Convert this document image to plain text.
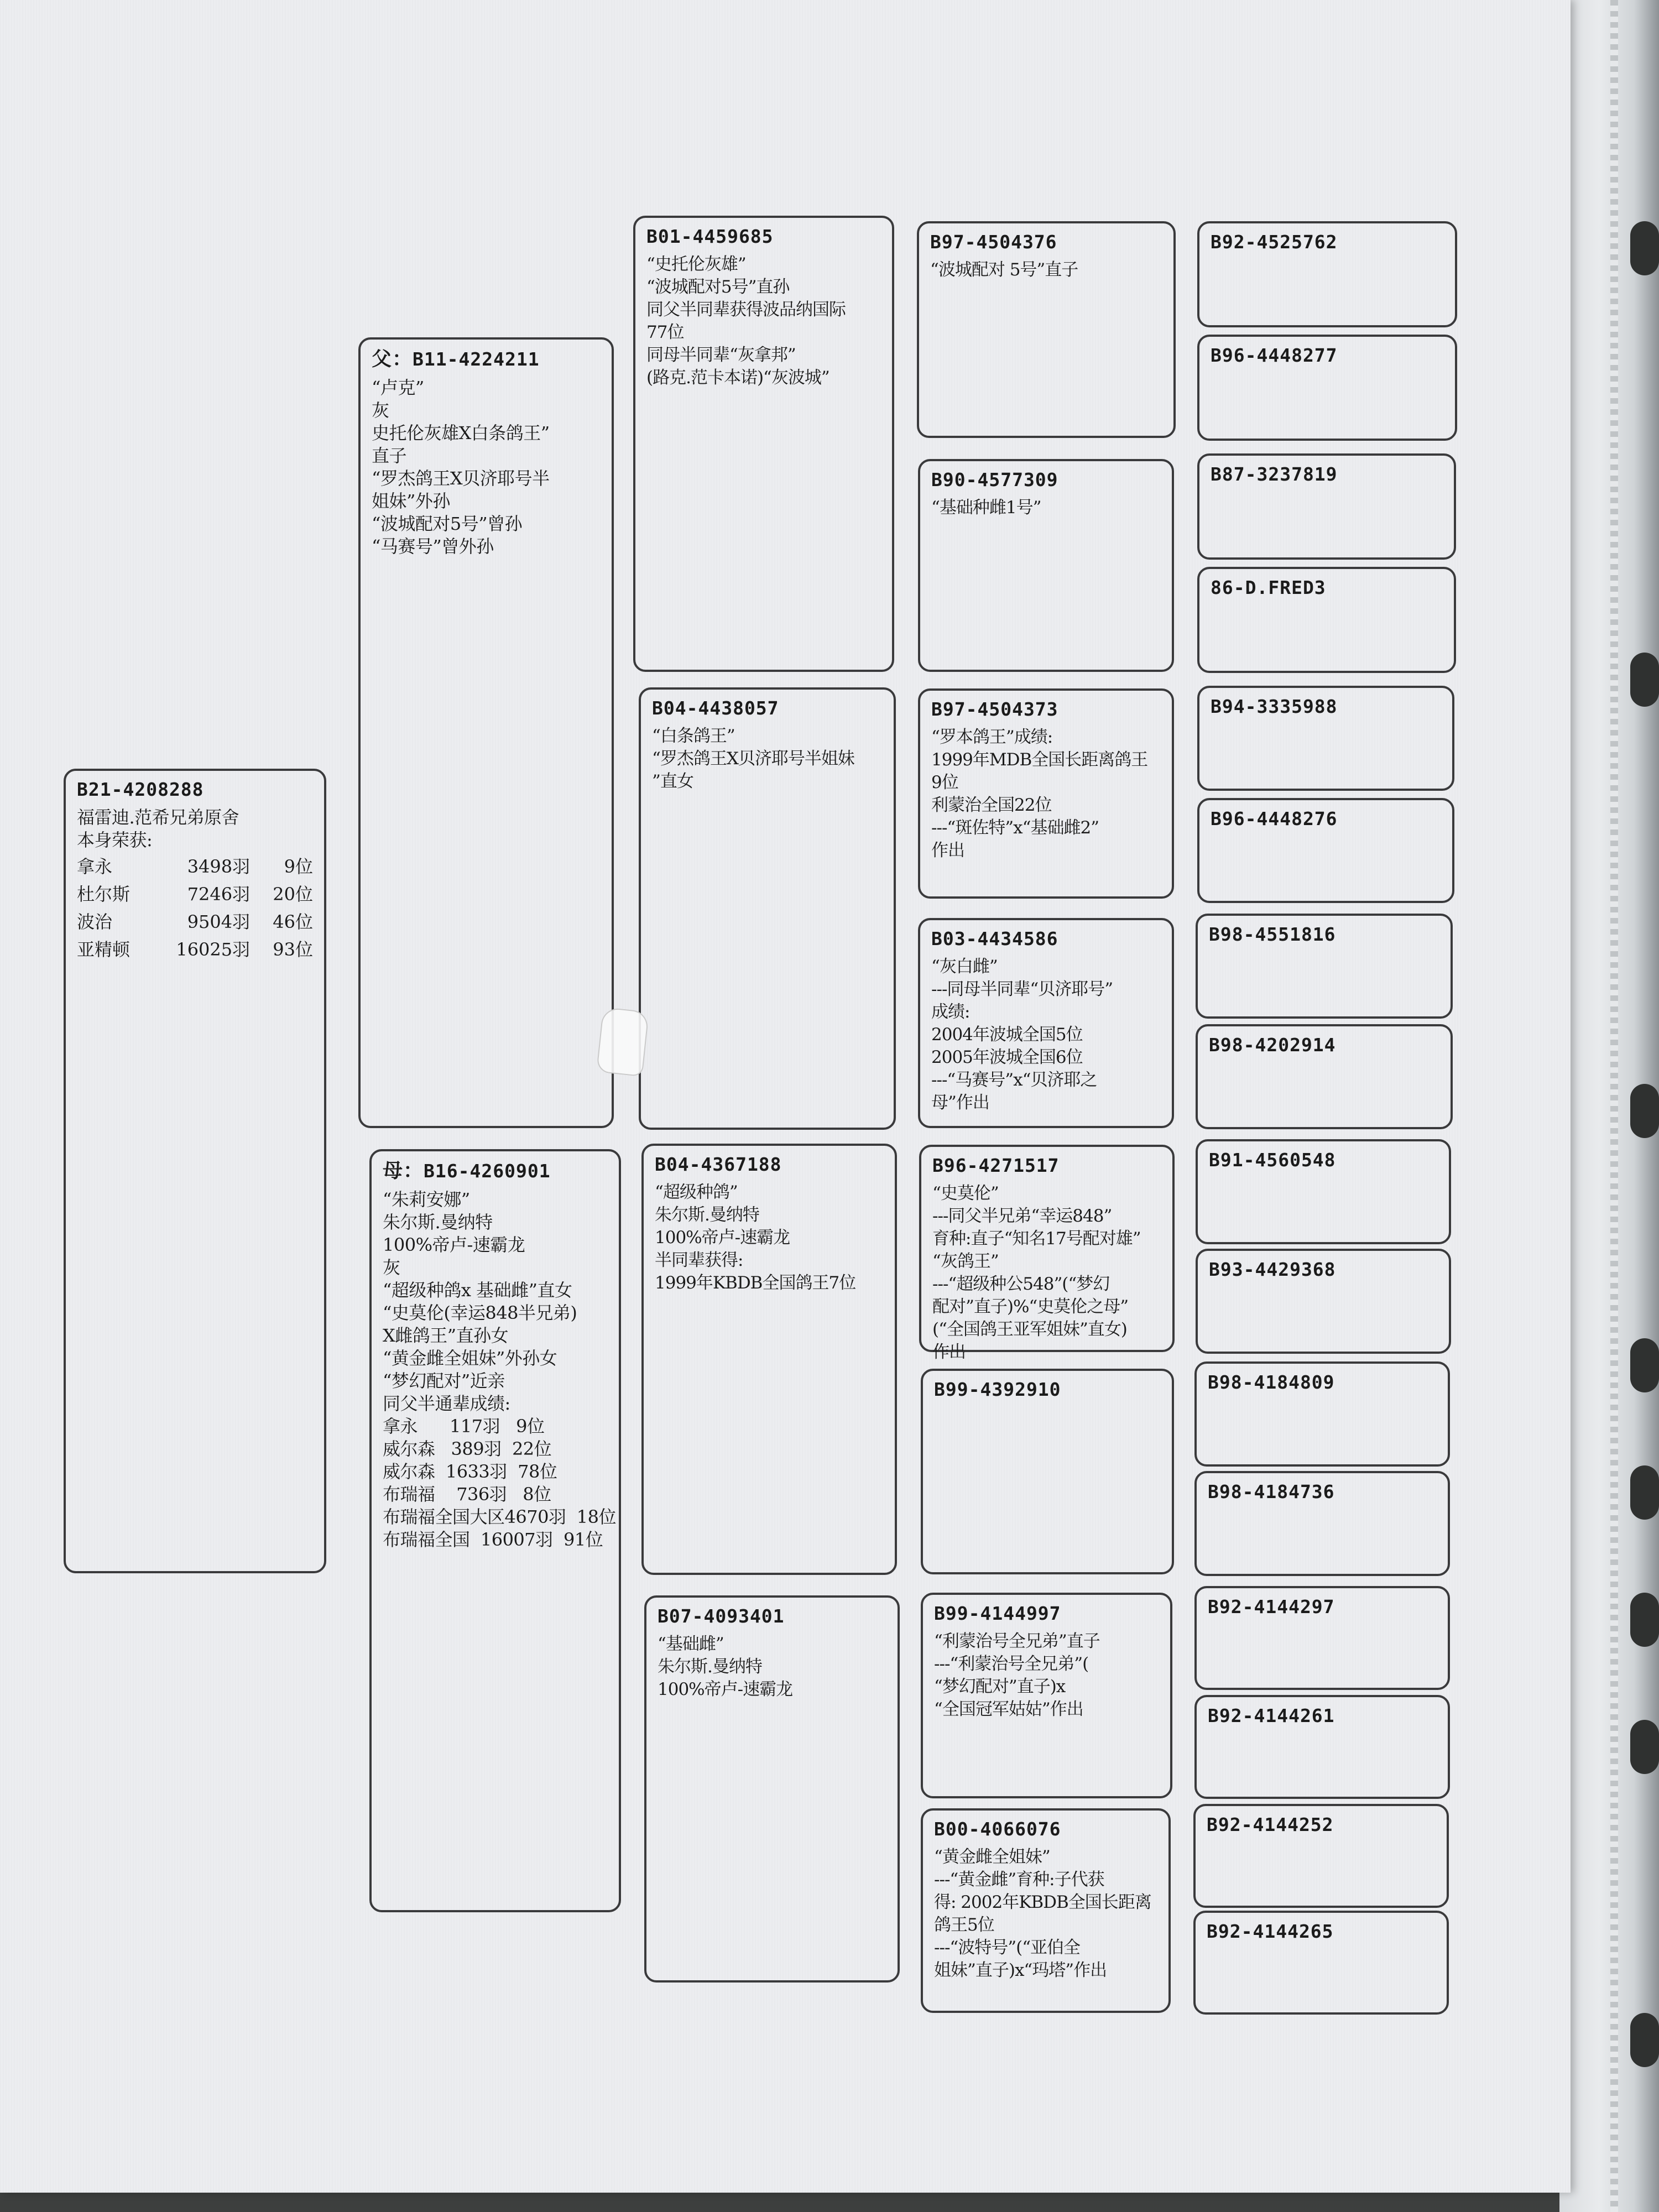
B21-4208288
福雷迪.范希兄弟原舍
本身荣获:
拿永	3498羽	9位
杜尔斯	7246羽	20位
波治	9504羽	46位
亚精顿	16025羽	93位
父：B11-4224211
“卢克”
灰
史托伦灰雄X白条鸽王”
直子
“罗杰鸽王X贝济耶号半
姐妹”外孙
“波城配对5号”曾孙
“马赛号”曾外孙
母：B16-4260901
“朱莉安娜”
朱尔斯.曼纳特
100%帝卢-速霸龙
灰
“超级种鸽x 基础雌”直女
“史莫伦(幸运848半兄弟)
X雌鸽王”直孙女
“黄金雌全姐妹”外孙女
“梦幻配对”近亲
同父半通辈成绩:
拿永      117羽   9位
威尔森   389羽  22位
威尔森  1633羽  78位
布瑞福    736羽   8位
布瑞福全国大区4670羽  18位
布瑞福全国  16007羽  91位
B01-4459685
“史托伦灰雄”
“波城配对5号”直孙
同父半同辈获得波品纳国际
77位
同母半同辈“灰拿邦”
(路克.范卡本诺)“灰波城”
B04-4438057
“白条鸽王”
“罗杰鸽王X贝济耶号半姐妹
”直女
B04-4367188
“超级种鸽”
朱尔斯.曼纳特
100%帝卢-速霸龙
半同辈获得:
1999年KBDB全国鸽王7位
B07-4093401
“基础雌”
朱尔斯.曼纳特
100%帝卢-速霸龙
B97-4504376
“波城配对 5号”直子
B90-4577309
“基础种雌1号”
B97-4504373
“罗本鸽王”成绩:
1999年MDB全国长距离鸽王
9位
利蒙治全国22位
---“斑佐特”x“基础雌2”
作出
B03-4434586
“灰白雌”
---同母半同辈“贝济耶号”
成绩:
2004年波城全国5位
2005年波城全国6位
---“马赛号”x“贝济耶之
母”作出
B96-4271517
“史莫伦”
---同父半兄弟“幸运848”
育种:直子“知名17号配对雄”
“灰鸽王”
---“超级种公548”(“梦幻
配对”直子)%“史莫伦之母”
(“全国鸽王亚军姐妹”直女)
作出
B99-4392910
B99-4144997
“利蒙治号全兄弟”直子
---“利蒙治号全兄弟”(
“梦幻配对”直子)x
“全国冠军姑姑”作出
B00-4066076
“黄金雌全姐妹”
---“黄金雌”育种:子代获
得: 2002年KBDB全国长距离
鸽王5位
---“波特号”(“亚伯全
姐妹”直子)x“玛塔”作出
B92-4525762
B96-4448277
B87-3237819
86-D.FRED3
B94-3335988
B96-4448276
B98-4551816
B98-4202914
B91-4560548
B93-4429368
B98-4184809
B98-4184736
B92-4144297
B92-4144261
B92-4144252
B92-4144265
